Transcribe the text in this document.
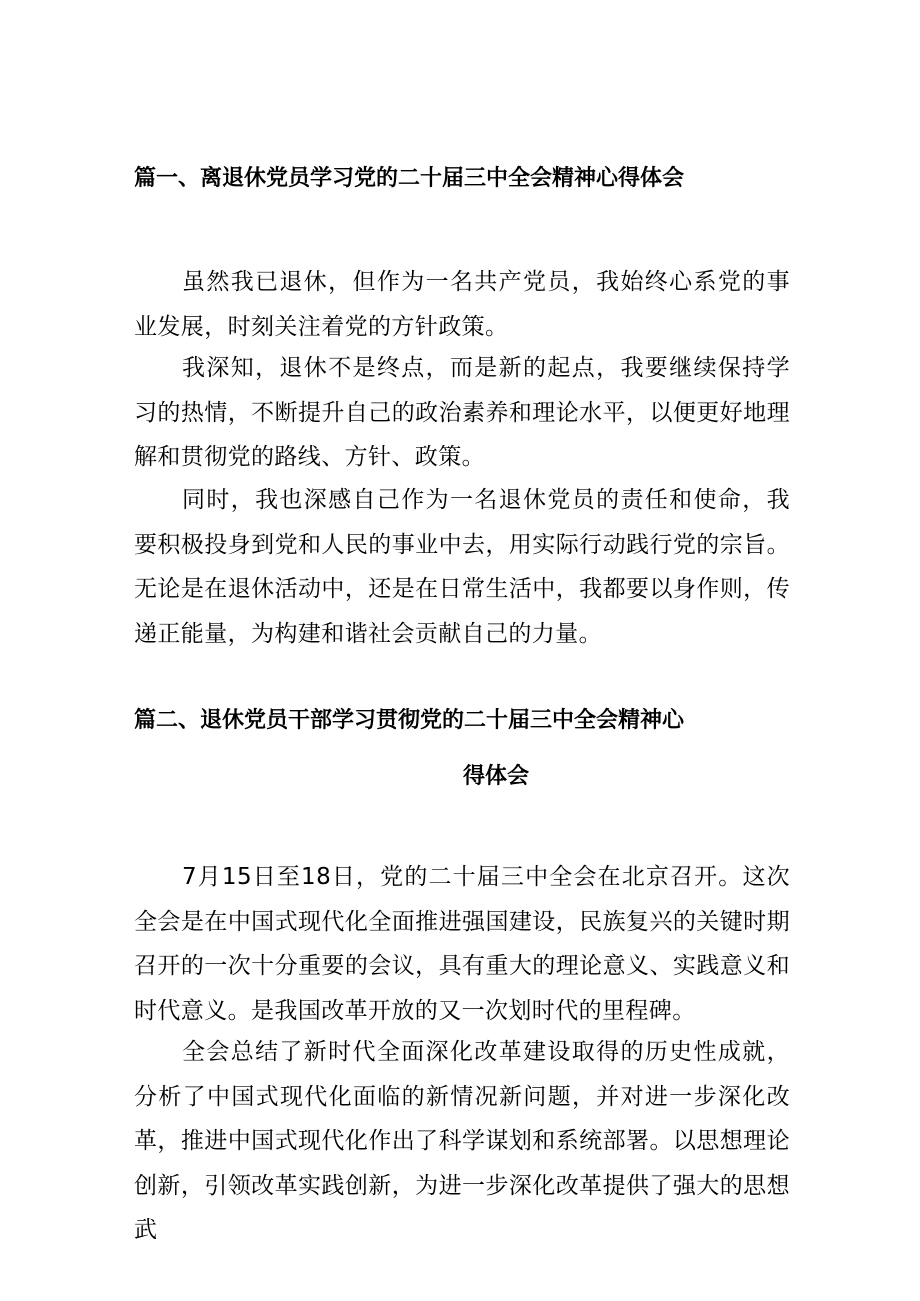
篇一、离退休党员学习党的二十届三中全会精神心得体会

虽然我已退休，但作为一名共产党员，我始终心系党的事业发展，时刻关注着党的方针政策。

我深知，退休不是终点，而是新的起点，我要继续保持学习的热情，不断提升自己的政治素养和理论水平，以便更好地理解和贯彻党的路线、方针、政策。

同时，我也深感自己作为一名退休党员的责任和使命，我要积极投身到党和人民的事业中去，用实际行动践行党的宗旨。无论是在退休活动中，还是在日常生活中，我都要以身作则，传递正能量，为构建和谐社会贡献自己的力量。

篇二、退休党员干部学习贯彻党的二十届三中全会精神心
得体会

7月15日至18日，党的二十届三中全会在北京召开。这次全会是在中国式现代化全面推进强国建设，民族复兴的关键时期召开的一次十分重要的会议，具有重大的理论意义、实践意义和时代意义。是我国改革开放的又一次划时代的里程碑。

全会总结了新时代全面深化改革建设取得的历史性成就，分析了中国式现代化面临的新情况新问题，并对进一步深化改革，推进中国式现代化作出了科学谋划和系统部署。以思想理论创新，引领改革实践创新，为进一步深化改革提供了强大的思想武
